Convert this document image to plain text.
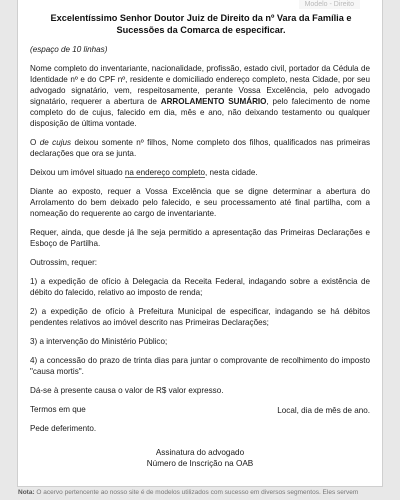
Modelo - Direito
Excelentíssimo Senhor Doutor Juiz de Direito da nº Vara da Família e Sucessões da Comarca de especificar.

(espaço de 10 linhas)

Nome completo do inventariante, nacionalidade, profissão, estado civil, portador da Cédula de Identidade nº e do CPF nº, residente e domiciliado endereço completo, nesta Cidade, por seu advogado signatário, vem, respeitosamente, perante Vossa Excelência, pelo advogado signatário, requerer a abertura de ARROLAMENTO SUMÁRIO, pelo falecimento de nome completo do de cujus, falecido em dia, mês e ano, não deixando testamento ou qualquer disposição de última vontade.

O de cujus deixou somente nº filhos, Nome completo dos filhos, qualificados nas primeiras declarações que ora se junta.

Deixou um imóvel situado na endereço completo, nesta cidade.

Diante ao exposto, requer a Vossa Excelência que se digne determinar a abertura do Arrolamento do bem deixado pelo falecido, e seu processamento até final partilha, com a nomeação do requerente ao cargo de inventariante.

Requer, ainda, que desde já lhe seja permitido a apresentação das Primeiras Declarações e Esboço de Partilha.

Outrossim, requer:

1) a expedição de ofício à Delegacia da Receita Federal, indagando sobre a existência de débito do falecido, relativo ao imposto de renda;

2) a expedição de ofício à Prefeitura Municipal de especificar, indagando se há débitos pendentes relativos ao imóvel descrito nas Primeiras Declarações;

3) a intervenção do Ministério Público;

4) a concessão do prazo de trinta dias para juntar o comprovante de recolhimento do imposto "causa mortis".

Dá-se à presente causa o valor de R$ valor expresso.

Termos em que

Pede deferimento.

Local, dia de mês de ano.
Assinatura do advogado
Número de Inscrição na OAB
Nota: O acervo pertencente ao nosso site é de modelos utilizados com sucesso em diversos segmentos. Eles servem
